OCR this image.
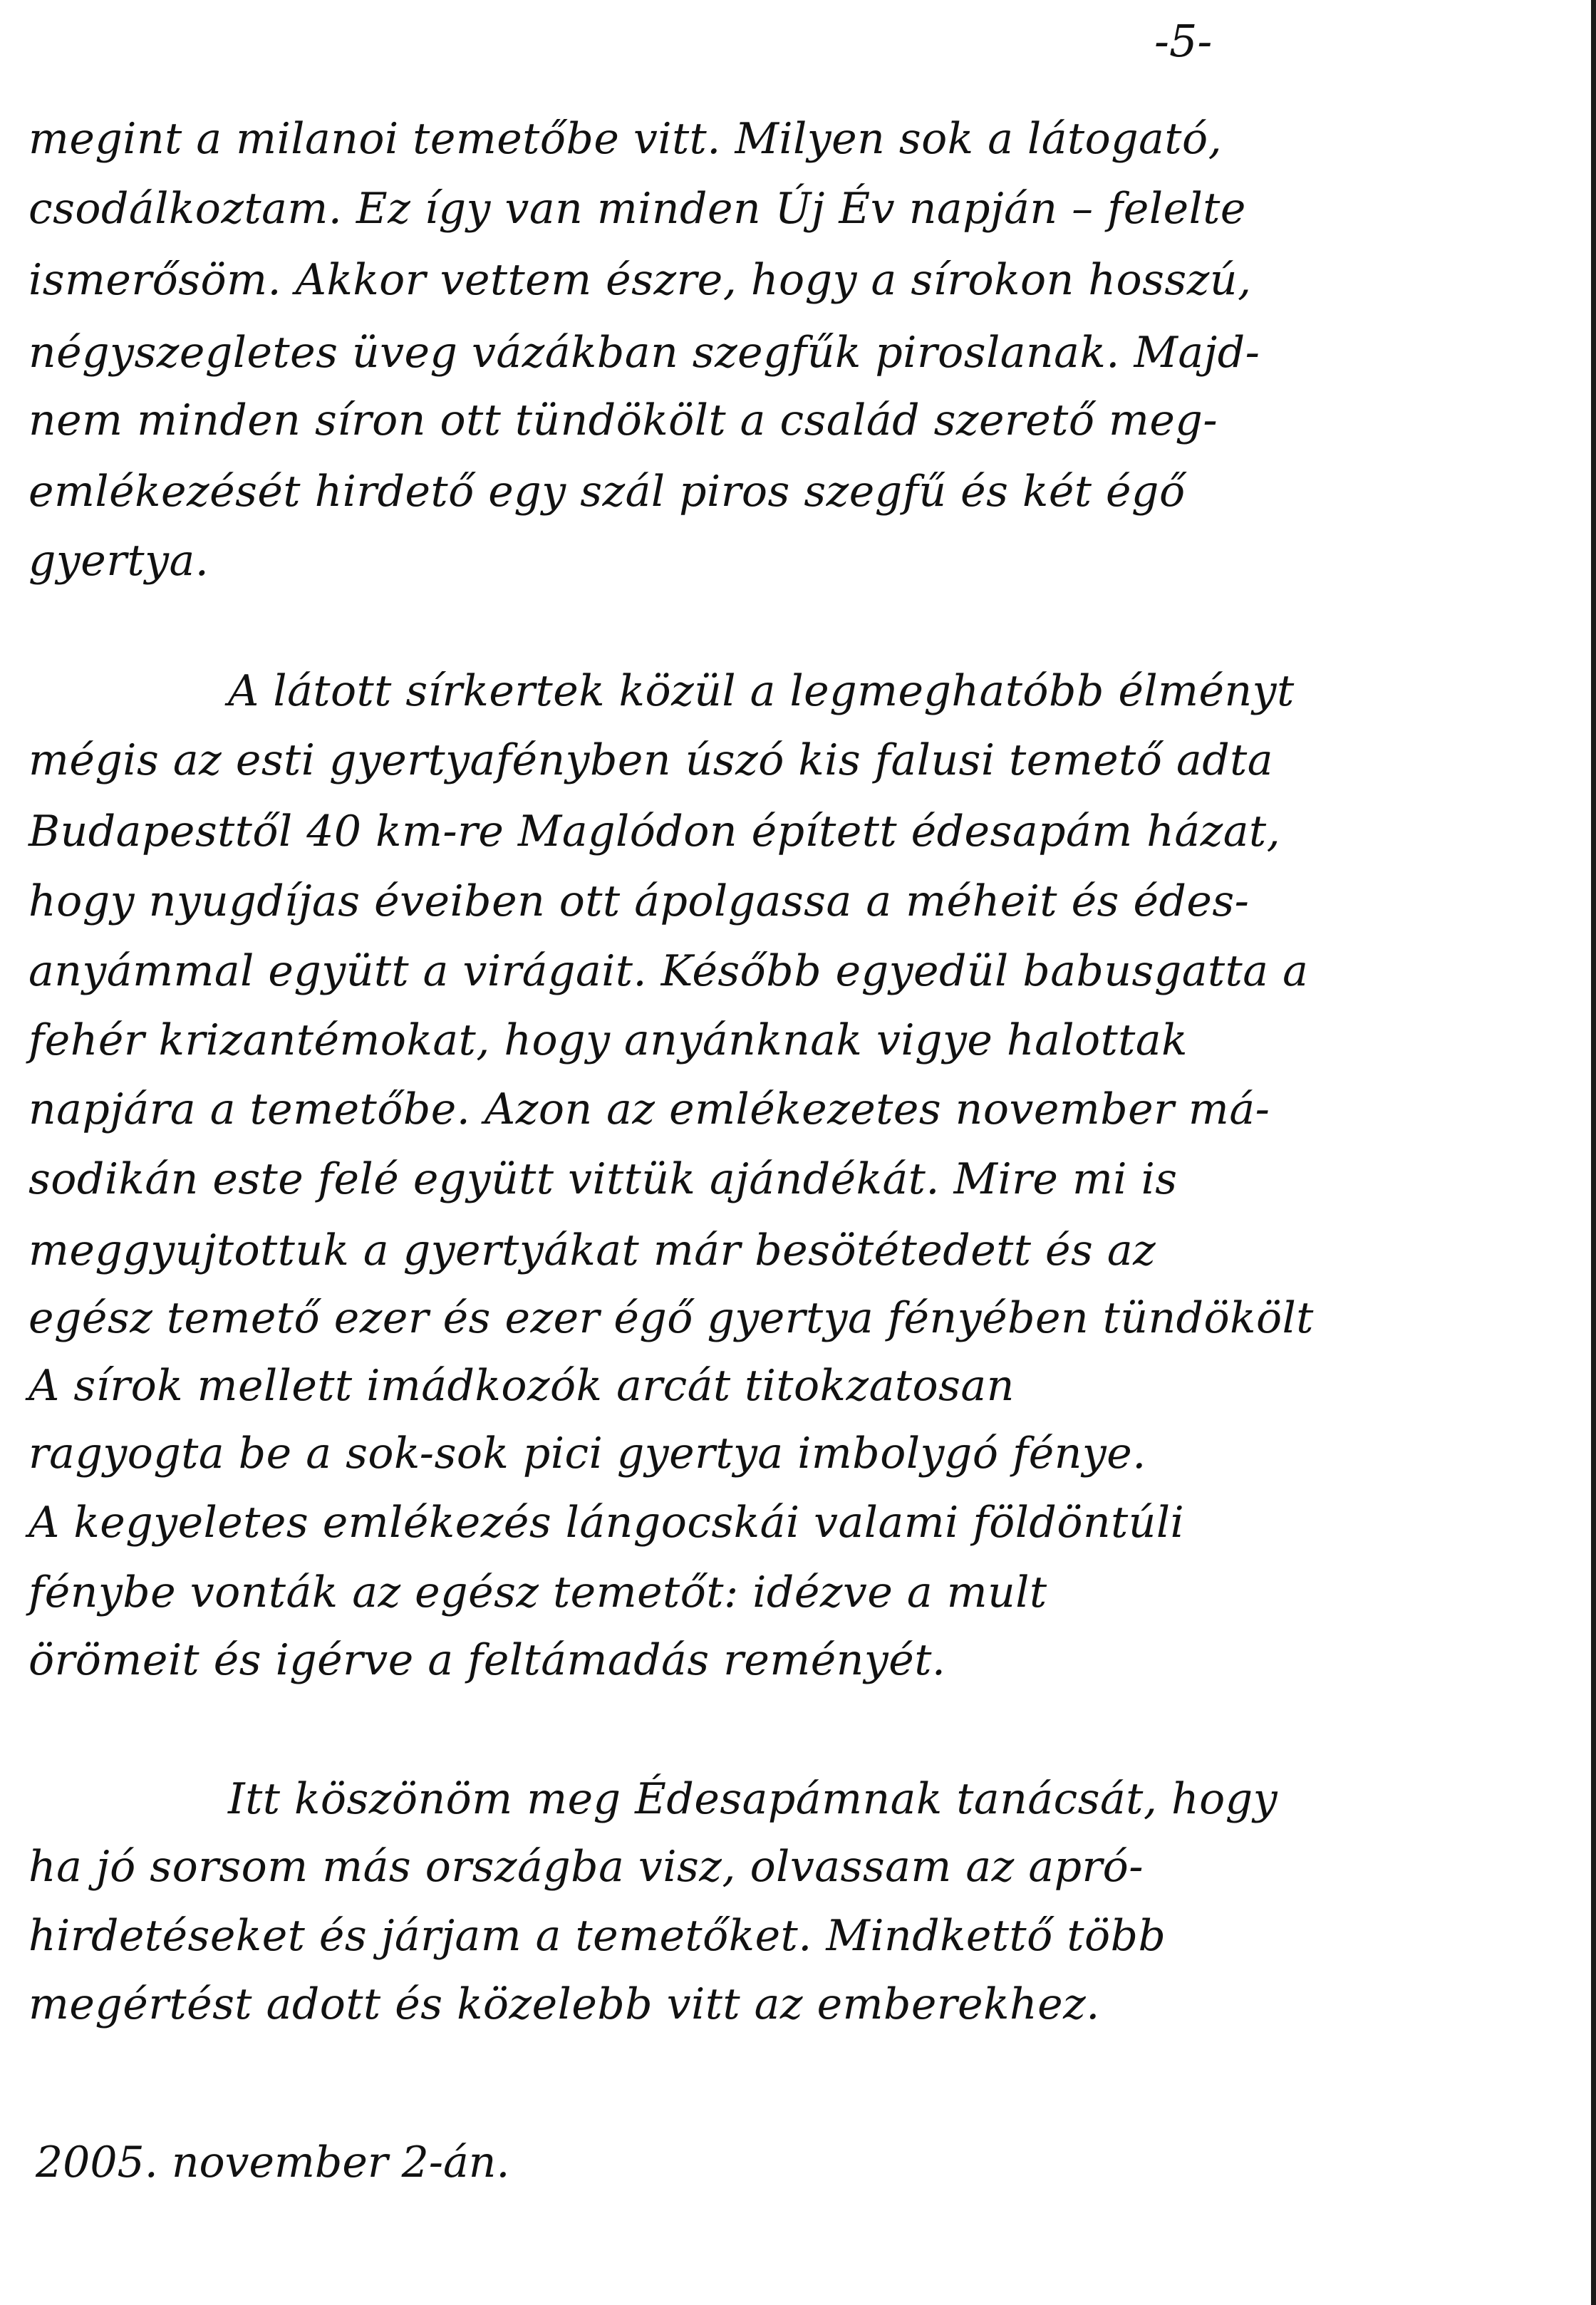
-5-
megint a milanoi temetőbe vitt. Milyen sok a látogató,
csodálkoztam. Ez így van minden Új Év napján – felelte
ismerősöm. Akkor vettem észre, hogy a sírokon hosszú,
négyszegletes üveg vázákban szegfűk piroslanak. Majd-
nem minden síron ott tündökölt a család szerető meg-
emlékezését hirdető egy szál piros szegfű és két égő
gyertya.
A látott sírkertek közül a legmeghatóbb élményt
mégis az esti gyertyafényben úszó kis falusi temető adta
Budapesttől 40 km-re Maglódon épített édesapám házat,
hogy nyugdíjas éveiben ott ápolgassa a méheit és édes-
anyámmal együtt a virágait. Később egyedül babusgatta a
fehér krizantémokat, hogy anyánknak vigye halottak
napjára a temetőbe. Azon az emlékezetes november má-
sodikán este felé együtt vittük ajándékát. Mire mi is
meggyujtottuk a gyertyákat már besötétedett és az
egész temető ezer és ezer égő gyertya fényében tündökölt
A sírok mellett imádkozók arcát titokzatosan
ragyogta be a sok-sok pici gyertya imbolygó fénye.
A kegyeletes emlékezés lángocskái valami földöntúli
fénybe vonták az egész temetőt: idézve a mult
örömeit és igérve a feltámadás reményét.
Itt köszönöm meg Édesapámnak tanácsát, hogy
ha jó sorsom más országba visz, olvassam az apró-
hirdetéseket és járjam a temetőket. Mindkettő több
megértést adott és közelebb vitt az emberekhez.
2005. november 2-án.
